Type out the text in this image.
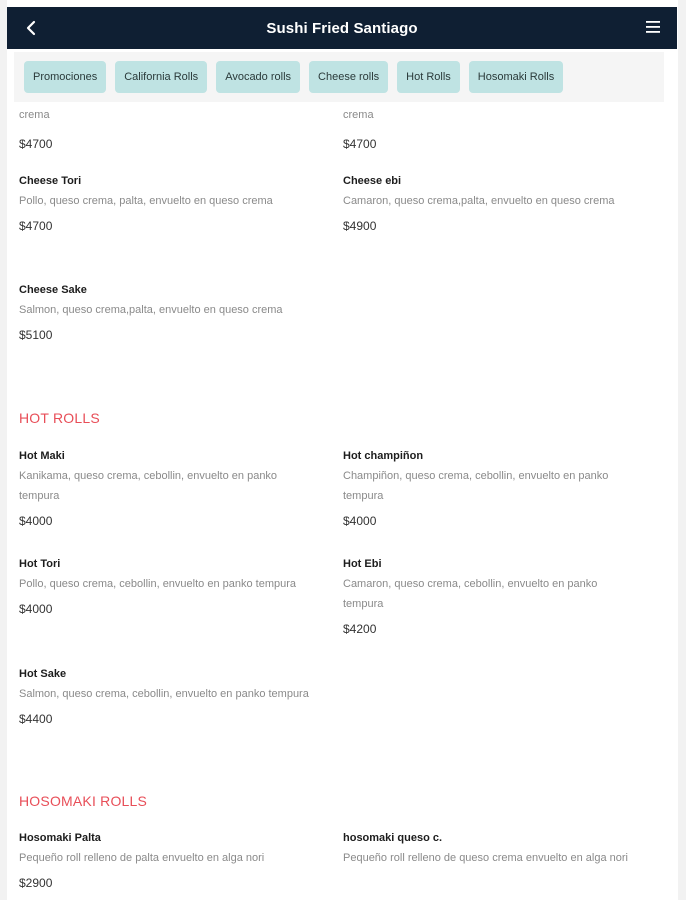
Sushi Fried Santiago
Promociones	California Rolls	Avocado rolls	Cheese rolls	Hot Rolls	Hosomaki Rolls
crema
$4700
crema
$4700
Cheese Tori
Pollo, queso crema, palta, envuelto en queso crema
$4700
Cheese ebi
Camaron, queso crema,palta, envuelto en queso crema
$4900
Cheese Sake
Salmon, queso crema,palta, envuelto en queso crema
$5100
HOT ROLLS
Hot Maki
Kanikama, queso crema, cebollin, envuelto en panko tempura
$4000
Hot champiñon
Champiñon, queso crema, cebollin, envuelto en panko tempura
$4000
Hot Tori
Pollo, queso crema, cebollin, envuelto en panko tempura
$4000
Hot Ebi
Camaron, queso crema, cebollin, envuelto en panko tempura
$4200
Hot Sake
Salmon, queso crema, cebollin, envuelto en panko tempura
$4400
HOSOMAKI ROLLS
Hosomaki Palta
Pequeño roll relleno de palta envuelto en alga nori
$2900
hosomaki queso c.
Pequeño roll relleno de queso crema envuelto en alga nori
